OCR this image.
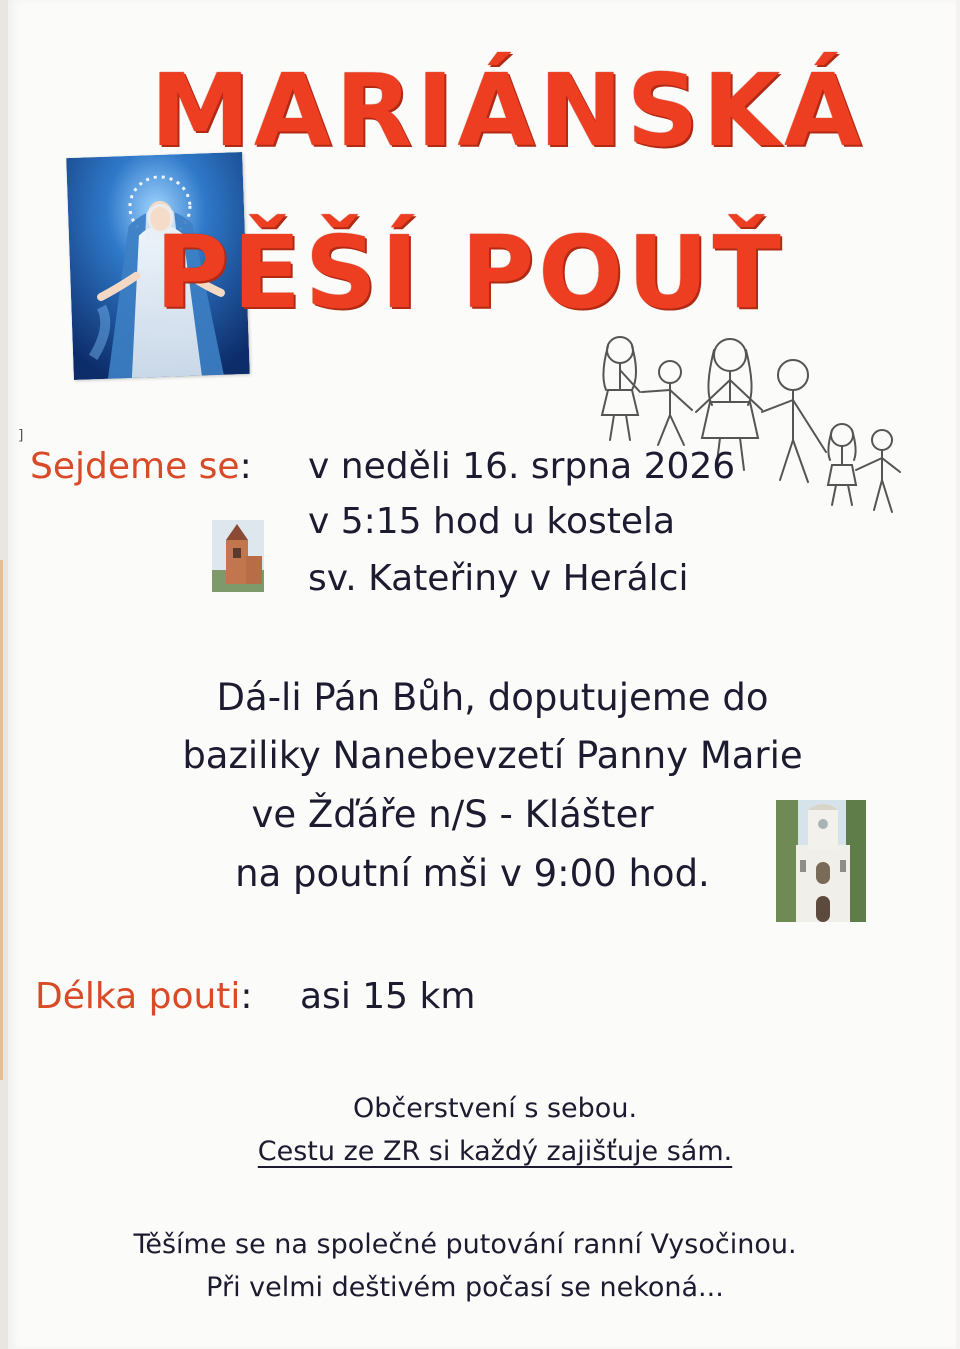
MARIÁNSKÁ
PĚŠÍ POUŤ
]
Sejdeme se: v neděli 16. srpna 2026
v 5:15 hod u kostela
sv. Kateřiny v Herálci
Dá-li Pán Bůh, doputujeme do
baziliky Nanebevzetí Panny Marie
ve Žďáře n/S - Klášter
na poutní mši v 9:00 hod.
Délka pouti: asi 15 km
Občerstvení s sebou.
Cestu ze ZR si každý zajišťuje sám.
Těšíme se na společné putování ranní Vysočinou.
Při velmi deštivém počasí se nekoná...
